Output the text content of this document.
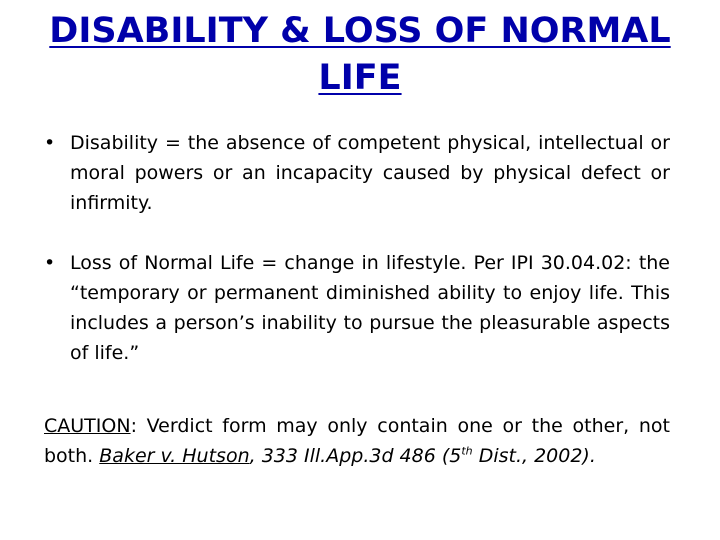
DISABILITY & LOSS OF NORMAL
LIFE
• Disability = the absence of competent physical, intellectual or moral powers or an incapacity caused by physical defect or infirmity.
• Loss of Normal Life = change in lifestyle. Per IPI 30.04.02: the “temporary or permanent diminished ability to enjoy life. This includes a person’s inability to pursue the pleasurable aspects of life.”
CAUTION: Verdict form may only contain one or the other, not both. Baker v. Hutson, 333 Ill.App.3d 486 (5th Dist., 2002).
